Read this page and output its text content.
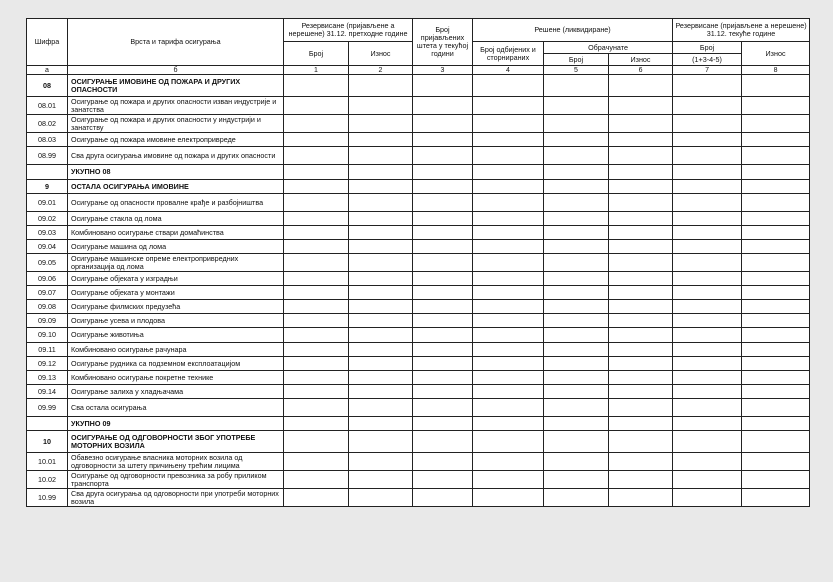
Шифра	Врста и тарифа осигурања	Резервисане (пријављене а нерешене) 31.12. претходне године		Број пријављених штета у текућој години	Решене (ликвидиране)			Резервисане (пријављене а нерешене) 31.12. текуће године	
		Број	Износ		Број одбијених и сторнираних	Обрачунате		Број	Износ
						Број	Износ	(1+3-4-5)	
а	б	1	2	3	4	5	6	7	8
08	ОСИГУРАЊЕ ИМОВИНЕ ОД ПОЖАРА И ДРУГИХ ОПАСНОСТИ								
08.01	Осигурање од пожара и других опасности изван индустрије и занатства								
08.02	Осигурање од пожара и других опасности у индустрији и занатству								
08.03	Осигурање од пожара имовине електропривреде								
08.99	Сва друга осигурања имовине од пожара и других опасности								
	УКУПНО 08								
9	ОСТАЛА ОСИГУРАЊА ИМОВИНЕ								
09.01	Осигурање од опасности провалне крађе и разбојништва								
09.02	Осигурање стакла од лома								
09.03	Комбиновано осигурање ствари домаћинства								
09.04	Осигурање машина од лома								
09.05	Осигурање машинске опреме електропривредних организација од лома								
09.06	Осигурање објеката у изградњи								
09.07	Осигурање објеката у монтажи								
09.08	Осигурање филмских предузећа								
09.09	Осигурање усева и плодова								
09.10	Осигурање животиња								
09.11	Комбиновано осигурање рачунара								
09.12	Осигурање рудника са подземном експлоатацијом								
09.13	Комбиновано осигурање покретне технике								
09.14	Осигурање залиха у хладњачама								
09.99	Сва остала осигурања								
	УКУПНО 09								
10	ОСИГУРАЊЕ ОД ОДГОВОРНОСТИ ЗБОГ УПОТРЕБЕ МОТОРНИХ ВОЗИЛА								
10.01	Обавезно осигурање власника моторних возила од одговорности за штету причињену трећим лицима								
10.02	Осигурање од одговорности превозника за робу приликом транспорта								
10.99	Сва друга осигурања од одговорности при употреби моторних возила								
